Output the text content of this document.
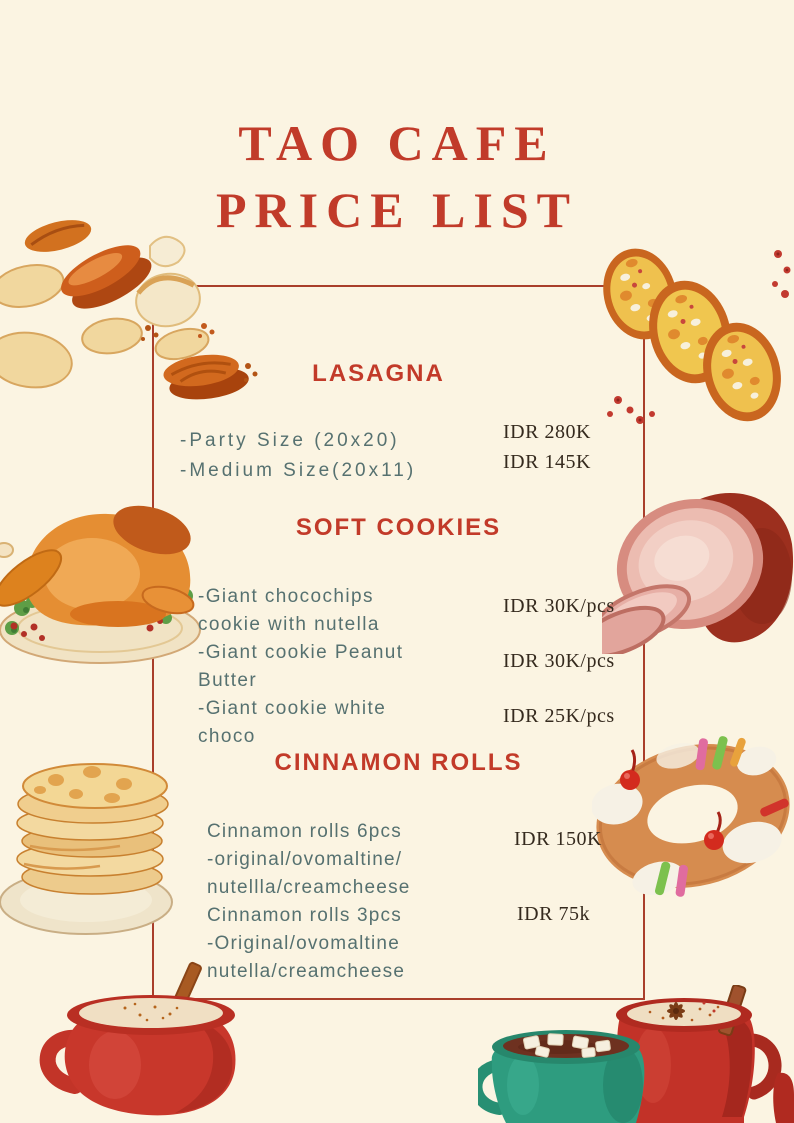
TAO CAFE
PRICE LIST
LASAGNA
-Party Size (20x20)
-Medium Size(20x11)
IDR 280K
IDR 145K
SOFT COOKIES
-Giant chocochips
cookie with nutella
-Giant cookie Peanut
Butter
-Giant cookie white
choco
IDR 30K/pcs
IDR 30K/pcs
IDR 25K/pcs
CINNAMON ROLLS
Cinnamon rolls 6pcs
-original/ovomaltine/
nutellla/creamcheese
Cinnamon rolls 3pcs
-Original/ovomaltine
nutella/creamcheese
IDR 150K
IDR 75k
